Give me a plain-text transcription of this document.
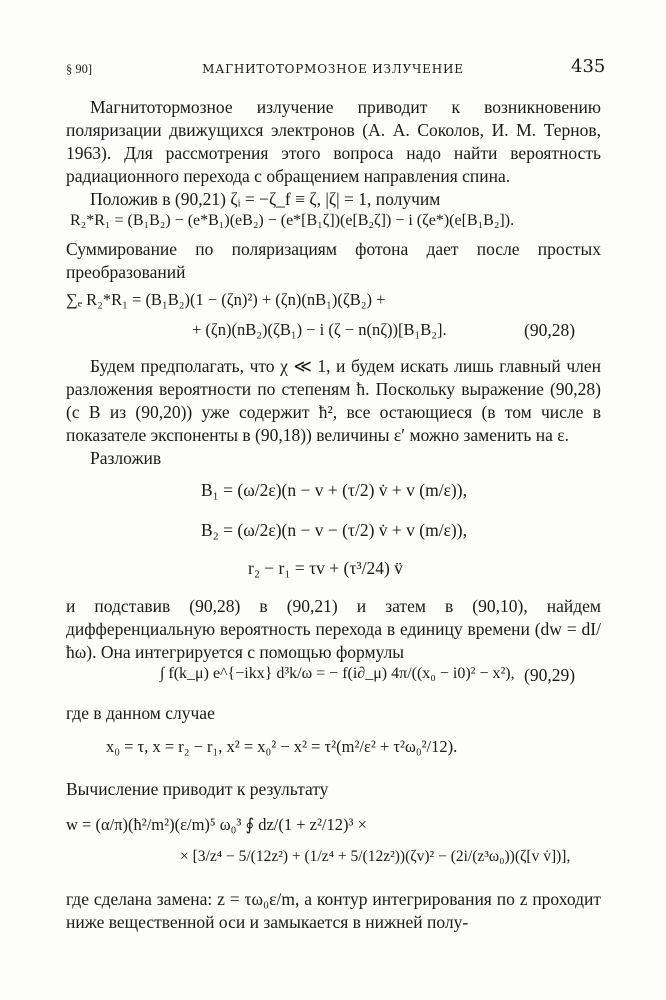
§ 90]	МАГНИТОТОРМОЗНОЕ ИЗЛУЧЕНИЕ	435

Магнитотормозное излучение приводит к возникновению поляризации движущихся электронов (А. А. Соколов, И. М. Тернов, 1963). Для рассмотрения этого вопроса надо найти вероятность радиационного перехода с обращением направления спина.

Положив в (90,21) ζᵢ = −ζ_f ≡ ζ, |ζ| = 1, получим

R₂*R₁ = (B₁B₂) − (e*B₁)(eB₂) − (e*[B₁ζ])(e[B₂ζ]) − i (ζe*)(e[B₁B₂]).

Суммирование по поляризациям фотона дает после простых преобразований

∑ₑ R₂*R₁ = (B₁B₂)(1 − (ζn)²) + (ζn)(nB₁)(ζB₂) +
+ (ζn)(nB₂)(ζB₁) − i (ζ − n(nζ))[B₁B₂].	(90,28)

Будем предполагать, что χ ≪ 1, и будем искать лишь главный член разложения вероятности по степеням ħ. Поскольку выражение (90,28) (с B из (90,20)) уже содержит ħ², все остающиеся (в том числе в показателе экспоненты в (90,18)) величины ε′ можно заменить на ε.

Разложив

B₁ = (ω/2ε)(n − v + (τ/2) v̇ + v (m/ε)),
B₂ = (ω/2ε)(n − v − (τ/2) v̇ + v (m/ε)),
r₂ − r₁ = τv + (τ³/24) v̈

и подставив (90,28) в (90,21) и затем в (90,10), найдем дифференциальную вероятность перехода в единицу времени (dw = dI/ħω). Она интегрируется с помощью формулы

∫ f(k_μ) e^{−ikx} d³k/ω = − f(i∂_μ) 4π/((x₀ − i0)² − x²), (90,29)

где в данном случае

x₀ = τ, x = r₂ − r₁, x² = x₀² − x² = τ²(m²/ε² + τ²ω₀²/12).

Вычисление приводит к результату

w = (α/π)(ħ²/m²)(ε/m)⁵ ω₀³ ∮ dz/(1 + z²/12)³ ×
× [3/z⁴ − 5/(12z²) + (1/z⁴ + 5/(12z²))(ζv)² − (2i/(z³ω₀))(ζ[v v̇])],

где сделана замена: z = τω₀ε/m, а контур интегрирования по z проходит ниже вещественной оси и замыкается в нижней полу-
